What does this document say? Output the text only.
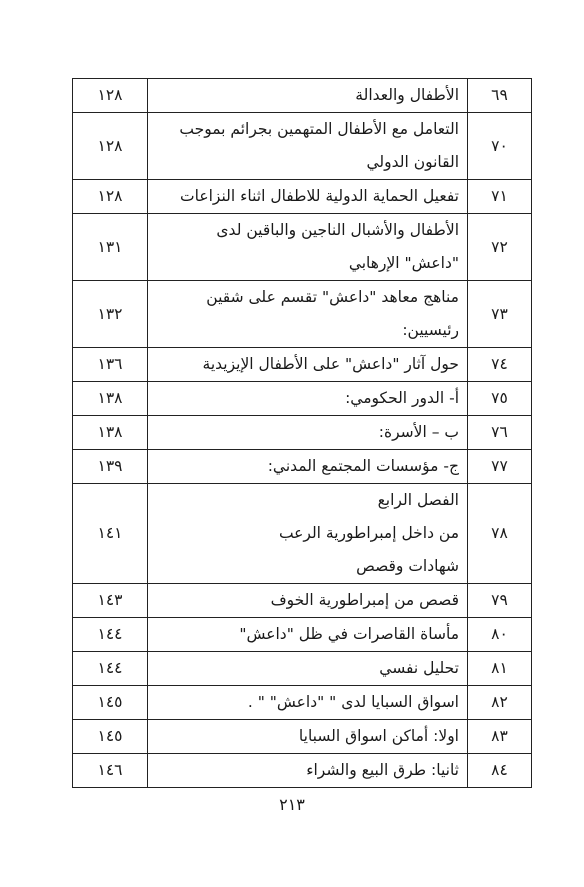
٦٩	الأطفال والعدالة	١٢٨
٧٠	التعامل مع الأطفال المتهمين بجرائم بموجب
القانون الدولي	١٢٨
٧١	تفعيل الحماية الدولية للاطفال اثناء النزاعات	١٢٨
٧٢	الأطفال والأشبال الناجين والباقين لدى
"داعش" الإرهابي	١٣١
٧٣	مناهج معاهد "داعش" تقسم على شقين
رئيسيين:	١٣٢
٧٤	حول آثار "داعش" على الأطفال الإيزيدية	١٣٦
٧٥	أ- الدور الحكومي:	١٣٨
٧٦	ب – الأسرة:	١٣٨
٧٧	ج- مؤسسات المجتمع المدني:	١٣٩
٧٨	الفصل الرابع
من داخل إمبراطورية الرعب
شهادات وقصص	١٤١
٧٩	قصص من إمبراطورية الخوف	١٤٣
٨٠	مأساة القاصرات في ظل "داعش"	١٤٤
٨١	تحليل نفسي	١٤٤
٨٢	اسواق السبايا لدى " "داعش" " .	١٤٥
٨٣	اولا: أماكن اسواق السبايا	١٤٥
٨٤	ثانيا: طرق البيع والشراء	١٤٦
٢١٣
